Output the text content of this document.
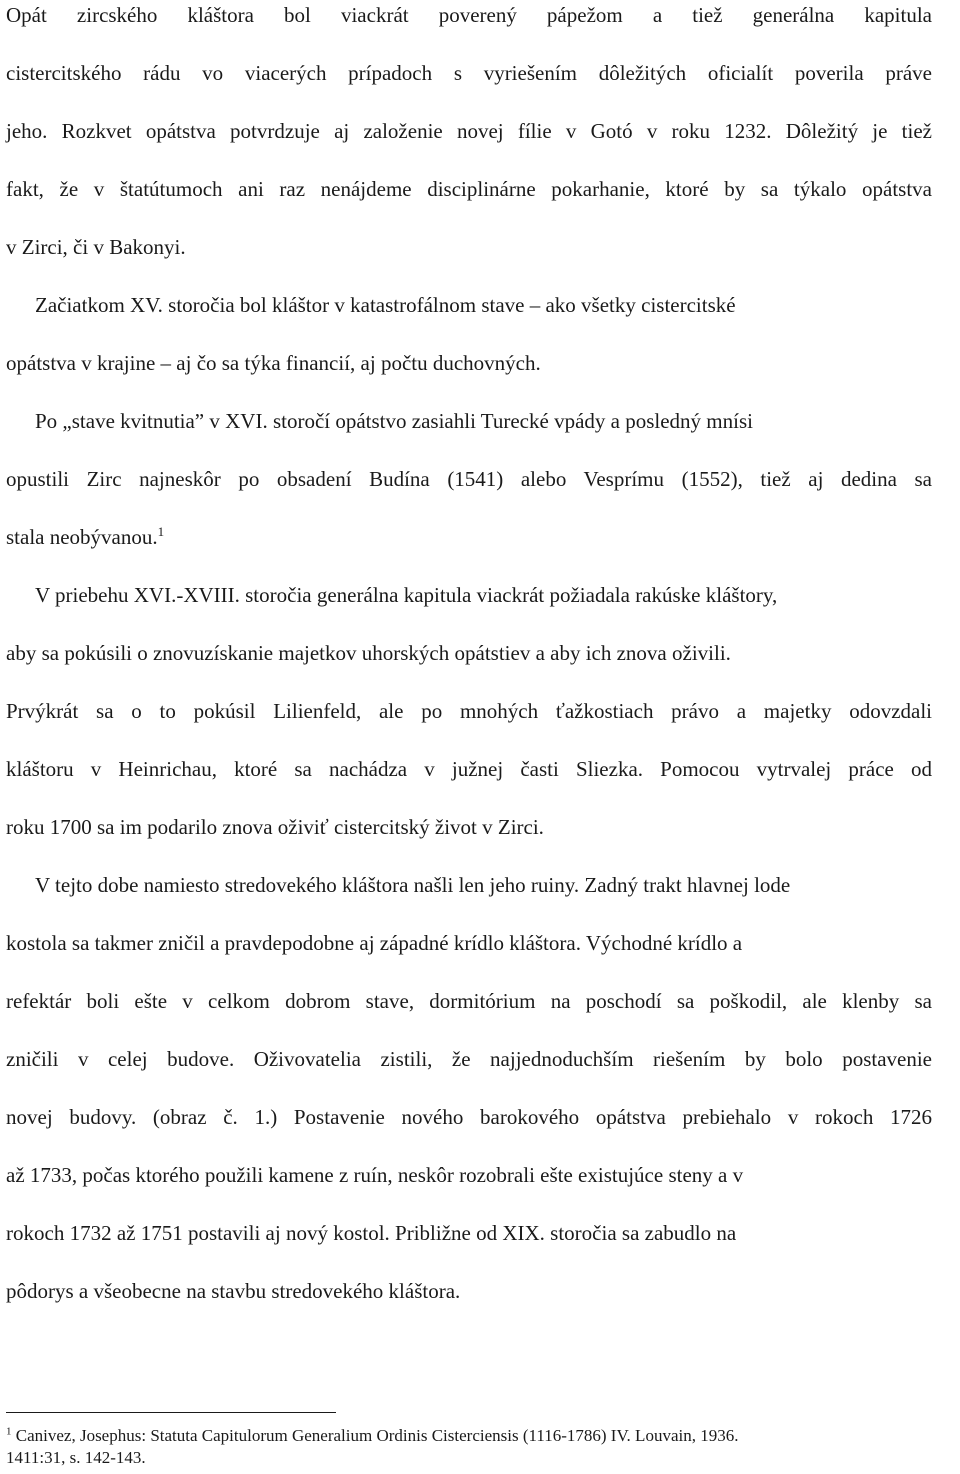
Opát zircského kláštora bol viackrát poverený pápežom a tiež generálna kapitula
cistercitského rádu vo viacerých prípadoch s vyriešením dôležitých oficialít poverila práve
jeho. Rozkvet opátstva potvrdzuje aj založenie novej fílie v Gotó v roku 1232. Dôležitý je tiež
fakt, že v štatútumoch ani raz nenájdeme disciplinárne pokarhanie, ktoré by sa týkalo opátstva
v Zirci, či v Bakonyi.
Začiatkom XV. storočia bol kláštor v katastrofálnom stave – ako všetky cistercitské
opátstva v krajine – aj čo sa týka financií, aj počtu duchovných.
Po „stave kvitnutia” v XVI. storočí opátstvo zasiahli Turecké vpády a posledný mnísi
opustili Zirc najneskôr po obsadení Budína (1541) alebo Vesprímu (1552), tiež aj dedina sa
stala neobývanou.$^1$
V priebehu XVI.-XVIII. storočia generálna kapitula viackrát požiadala rakúske kláštory,
aby sa pokúsili o znovuzískanie majetkov uhorských opátstiev a aby ich znova oživili.
Prvýkrát sa o to pokúsil Lilienfeld, ale po mnohých ťažkostiach právo a majetky odovzdali
kláštoru v Heinrichau, ktoré sa nachádza v južnej časti Sliezka. Pomocou vytrvalej práce od
roku 1700 sa im podarilo znova oživiť cistercitský život v Zirci.
V tejto dobe namiesto stredovekého kláštora našli len jeho ruiny. Zadný trakt hlavnej lode
kostola sa takmer zničil a pravdepodobne aj západné krídlo kláštora. Východné krídlo a
refektár boli ešte v celkom dobrom stave, dormitórium na poschodí sa poškodil, ale klenby sa
zničili v celej budove. Oživovatelia zistili, že najjednoduchším riešením by bolo postavenie
novej budovy. (obraz č. 1.) Postavenie nového barokového opátstva prebiehalo v rokoch 1726
až 1733, počas ktorého použili kamene z ruín, neskôr rozobrali ešte existujúce steny a v
rokoch 1732 až 1751 postavili aj nový kostol. Približne od XIX. storočia sa zabudlo na
pôdorys a všeobecne na stavbu stredovekého kláštora.
$^1$ Canivez, Josephus: Statuta Capitulorum Generalium Ordinis Cisterciensis (1116-1786) IV. Louvain, 1936.
1411:31, s. 142-143.
